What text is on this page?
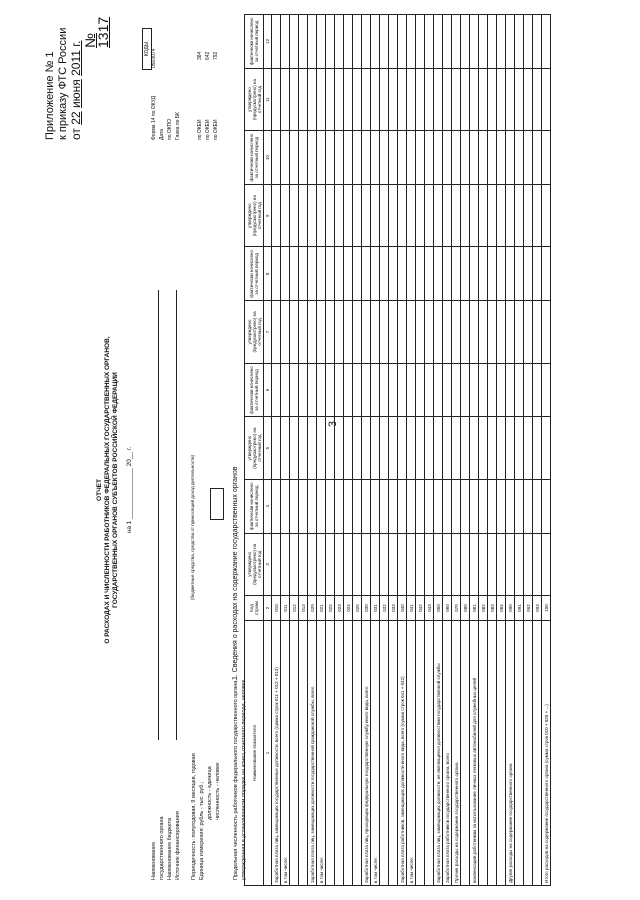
3
Приложение № 1 к приказу ФТС России от 22 июня 2011 г. № 1317
ОТЧЕТ О РАСХОДАХ И ЧИСЛЕННОСТИ РАБОТНИКОВ ФЕДЕРАЛЬНЫХ ГОСУДАРСТВЕННЫХ ОРГАНОВ, ГОСУДАРСТВЕННЫХ ОРГАНОВ СУБЪЕКТОВ РОССИЙСКОЙ ФЕДЕРАЦИИ на 1 ______________ 20__ г.
Наименование государственного органа Наименование бюджета Источник финансирования Периодичность: полугодовая, 9 месяцев, годовая Единица измерения: рубль - тыс. руб.; должность - единица численность - человек Предельная численность работников федерального государственного органа, утвержденная в установленном порядке на конец отчетного периода, человек
(бюджетные средства, средства от приносящей доход деятельности)
КОДЫ
Форма 14 по ОКУД
0503074
Дата по ОКПО Глава по БК	по ОКЕИ
384
по ОКЕИ
642
по ОКЕИ
792
1. Сведения о расходах на содержание государственных органов
Наименование показателя	Код строки	утверждено (предусмотрено) на отчетный год	фактически начислено за отчетный период	утверждено (предусмотрено) на отчетный год	фактически начислено за отчетный период	утверждено (предусмотрено) на отчетный год	фактически начислено за отчетный период	утверждено (предусмотрено) на отчетный год	фактически начислено за отчетный период	утверждено (предусмотрено) на отчетный год	фактически начислено за отчетный период
1	2	3	4	5	6	7	8	9	10	11	12
Заработная плата лиц, замещающих государственные должности, всего (сумма строк 011 + 012 + 013)	010										
в том числе:	011										
	012										
	013										
Заработная плата лиц, замещающих должности государственной гражданской службы, всего	020										
в том числе:	021										
	022										
	023										
	024										
	025										
Заработная плата лиц, проходящих федеральную государственную службу иного вида, всего	030										
в том числе:	031										
	032										
	033										
Заработная плата работников, замещающих должности иного вида, всего (сумма строк 041 + 042)	040										
в том числе:	041										
	042										
	043										
Заработная плата лиц, замещающих должности, не являющиеся должностями государственной службы	050										
Заработная плата работников государственного органа, всего	060										
Прочие расходы на содержание государственного органа	070										
	080										
компенсации работникам за использование личных легковых автомобилей для служебных целей	081										
	082										
	083										
	084										
Другие расходы на содержание государственного органа	090										
	091										
	092										
	093										
Итого расходов на содержание государственного органа (сумма строк 010 + 020 + ...)	100										
